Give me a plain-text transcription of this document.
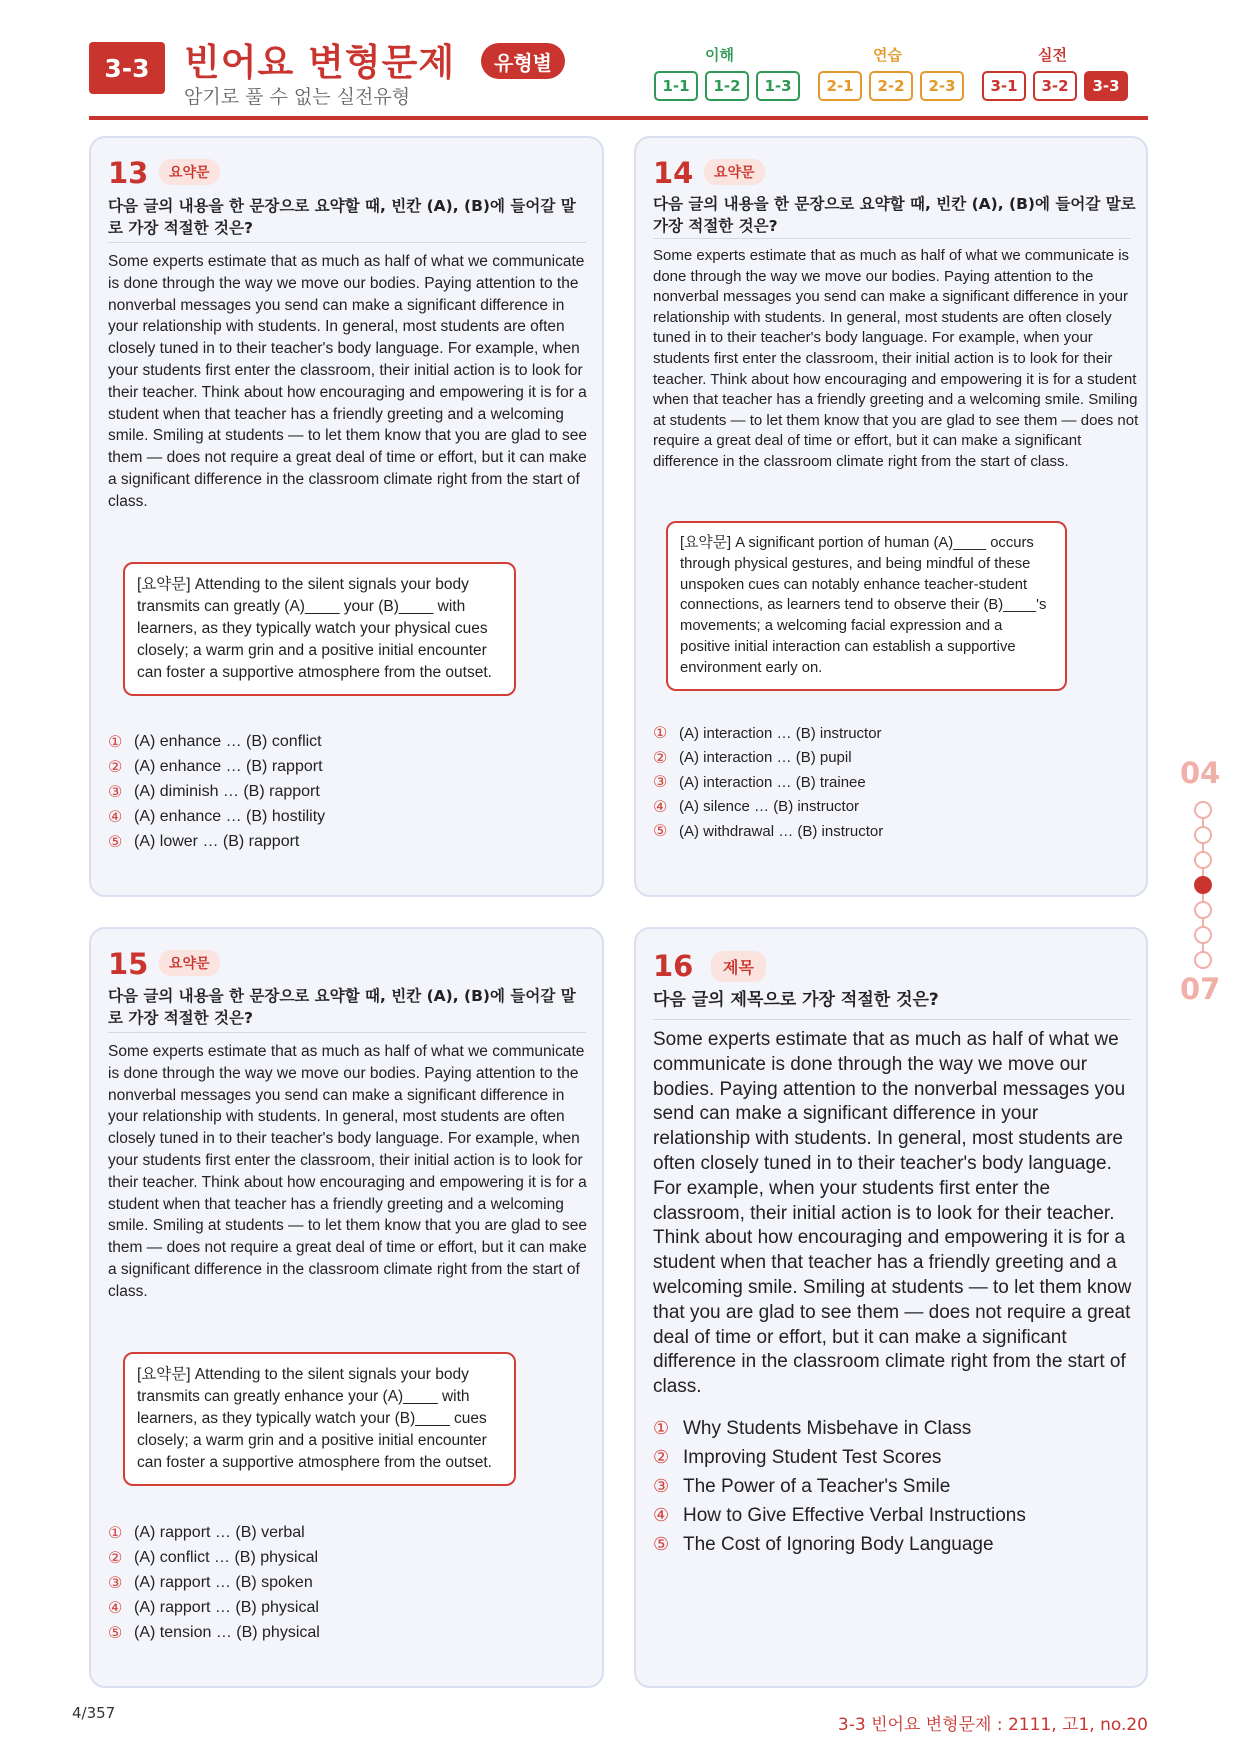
3-3 빈어요 변형문제	유형별
암기로 풀 수 없는 실전유형
이해
1-1	1-2	1-3
연습
2-1	2-2	2-3
실전
3-1	3-2	3-3
13	요약문
다음 글의 내용을 한 문장으로 요약할 때, 빈칸 (A), (B)에 들어갈 말로 가장 적절한 것은?
Some experts estimate that as much as half of what we communicate is done through the way we move our bodies. Paying attention to the nonverbal messages you send can make a significant difference in your relationship with students. In general, most students are often closely tuned in to their teacher's body language. For example, when your students first enter the classroom, their initial action is to look for their teacher. Think about how encouraging and empowering it is for a student when that teacher has a friendly greeting and a welcoming smile. Smiling at students — to let them know that you are glad to see them — does not require a great deal of time or effort, but it can make a significant difference in the classroom climate right from the start of class.
[요약문] Attending to the silent signals your body transmits can greatly (A)____ your (B)____ with learners, as they typically watch your physical cues closely; a warm grin and a positive initial encounter can foster a supportive atmosphere from the outset.
① (A) enhance … (B) conflict
② (A) enhance … (B) rapport
③ (A) diminish … (B) rapport
④ (A) enhance … (B) hostility
⑤ (A) lower … (B) rapport
14	요약문
다음 글의 내용을 한 문장으로 요약할 때, 빈칸 (A), (B)에 들어갈 말로 가장 적절한 것은?
Some experts estimate that as much as half of what we communicate is done through the way we move our bodies. Paying attention to the nonverbal messages you send can make a significant difference in your relationship with students. In general, most students are often closely tuned in to their teacher's body language. For example, when your students first enter the classroom, their initial action is to look for their teacher. Think about how encouraging and empowering it is for a student when that teacher has a friendly greeting and a welcoming smile. Smiling at students — to let them know that you are glad to see them — does not require a great deal of time or effort, but it can make a significant difference in the classroom climate right from the start of class.
[요약문] A significant portion of human (A)____ occurs through physical gestures, and being mindful of these unspoken cues can notably enhance teacher-student connections, as learners tend to observe their (B)____'s movements; a welcoming facial expression and a positive initial interaction can establish a supportive environment early on.
① (A) interaction … (B) instructor
② (A) interaction … (B) pupil
③ (A) interaction … (B) trainee
④ (A) silence … (B) instructor
⑤ (A) withdrawal … (B) instructor
15	요약문
다음 글의 내용을 한 문장으로 요약할 때, 빈칸 (A), (B)에 들어갈 말로 가장 적절한 것은?
Some experts estimate that as much as half of what we communicate is done through the way we move our bodies. Paying attention to the nonverbal messages you send can make a significant difference in your relationship with students. In general, most students are often closely tuned in to their teacher's body language. For example, when your students first enter the classroom, their initial action is to look for their teacher. Think about how encouraging and empowering it is for a student when that teacher has a friendly greeting and a welcoming smile. Smiling at students — to let them know that you are glad to see them — does not require a great deal of time or effort, but it can make a significant difference in the classroom climate right from the start of class.
[요약문] Attending to the silent signals your body transmits can greatly enhance your (A)____ with learners, as they typically watch your (B)____ cues closely; a warm grin and a positive initial encounter can foster a supportive atmosphere from the outset.
① (A) rapport … (B) verbal
② (A) conflict … (B) physical
③ (A) rapport … (B) spoken
④ (A) rapport … (B) physical
⑤ (A) tension … (B) physical
16	제목
다음 글의 제목으로 가장 적절한 것은?
Some experts estimate that as much as half of what we communicate is done through the way we move our bodies. Paying attention to the nonverbal messages you send can make a significant difference in your relationship with students. In general, most students are often closely tuned in to their teacher's body language. For example, when your students first enter the classroom, their initial action is to look for their teacher. Think about how encouraging and empowering it is for a student when that teacher has a friendly greeting and a welcoming smile. Smiling at students — to let them know that you are glad to see them — does not require a great deal of time or effort, but it can make a significant difference in the classroom climate right from the start of class.
① Why Students Misbehave in Class
② Improving Student Test Scores
③ The Power of a Teacher's Smile
④ How to Give Effective Verbal Instructions
⑤ The Cost of Ignoring Body Language
04
07
4/357
3-3 빈어요 변형문제 : 2111, 고1, no.20
